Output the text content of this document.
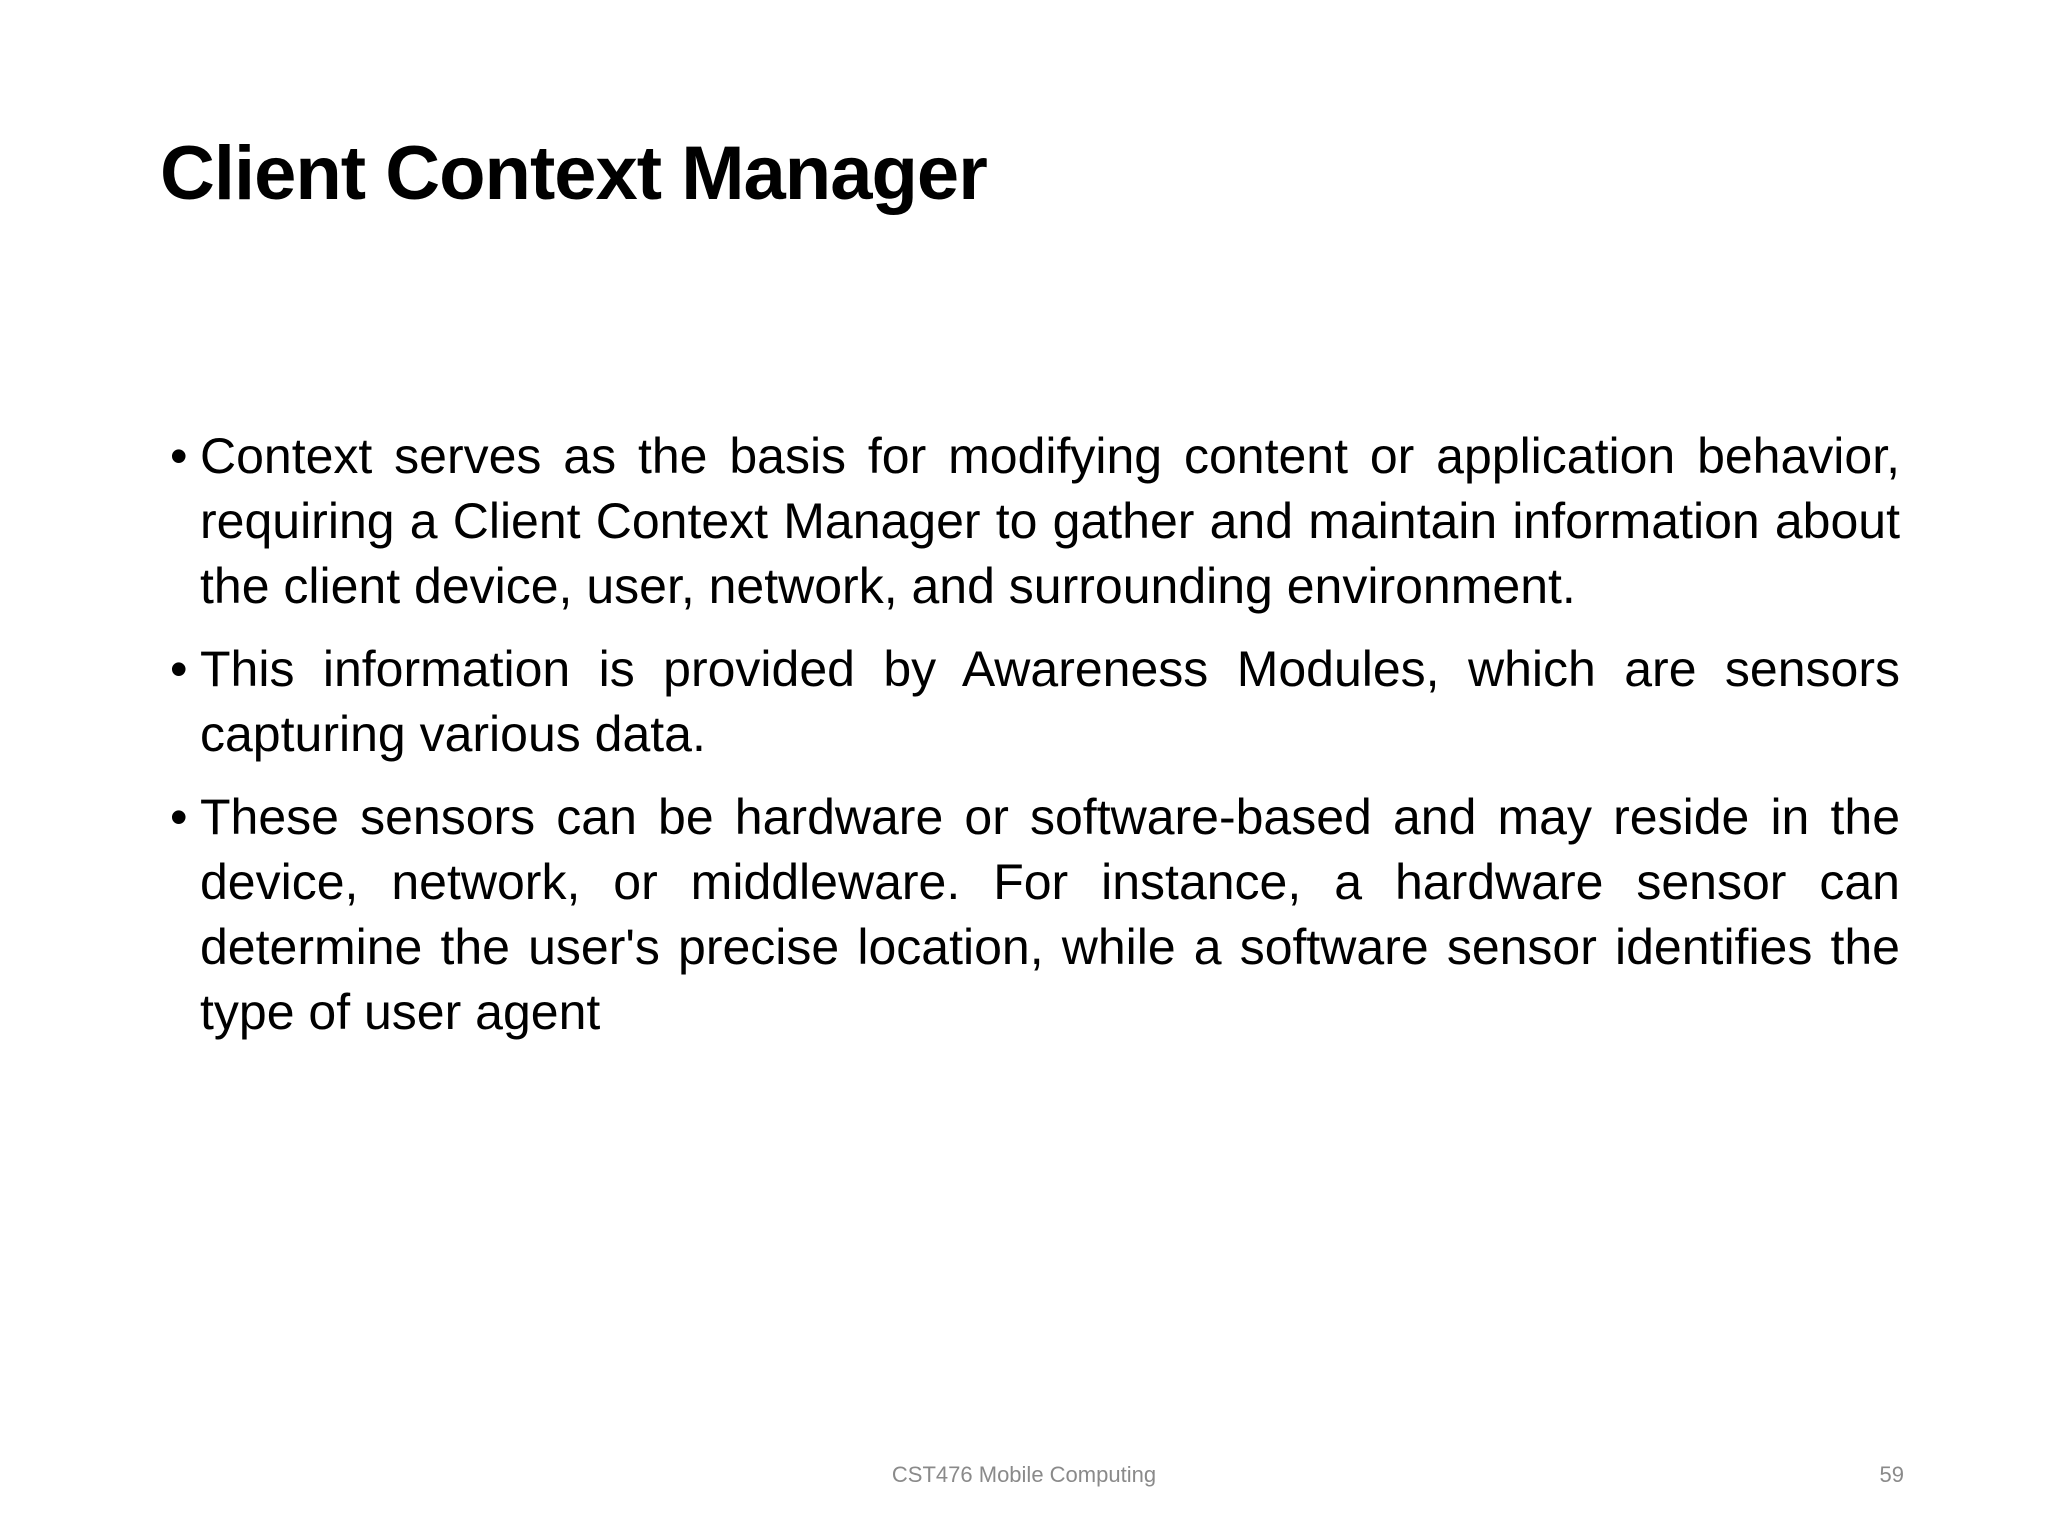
Client Context Manager
• Context serves as the basis for modifying content or application behavior, requiring a Client Context Manager to gather and maintain information about the client device, user, network, and surrounding environment.
• This information is provided by Awareness Modules, which are sensors capturing various data.
• These sensors can be hardware or software-based and may reside in the device, network, or middleware. For instance, a hardware sensor can determine the user's precise location, while a software sensor identifies the type of user agent
CST476 Mobile Computing	59
